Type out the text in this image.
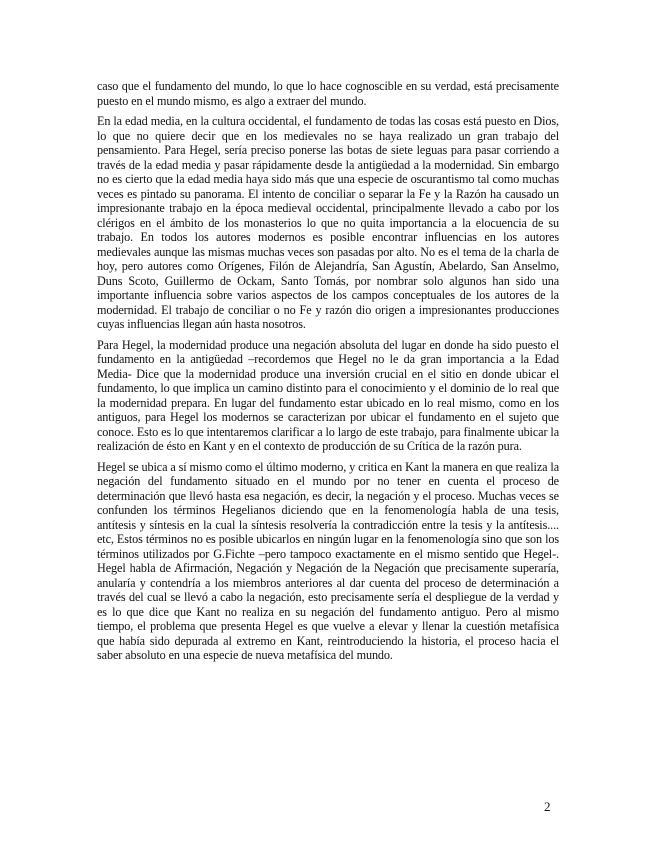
caso que el fundamento del mundo, lo que lo hace cognoscible en su verdad, está precisamente puesto en el mundo mismo, es algo a extraer del mundo.

En la edad media, en la cultura occidental, el fundamento de todas las cosas está puesto en Dios, lo que no quiere decir que en los medievales no se haya realizado un gran trabajo del pensamiento. Para Hegel, sería preciso ponerse las botas de siete leguas para pasar corriendo a través de la edad media y pasar rápidamente desde la antigüedad a la modernidad. Sin embargo no es cierto que la edad media haya sido más que una especie de oscurantismo tal como muchas veces es pintado su panorama. El intento de conciliar o separar la Fe y la Razón ha causado un impresionante trabajo en la época medieval occidental, principalmente llevado a cabo por los clérigos en el ámbito de los monasterios lo que no quita importancia a la elocuencia de su trabajo. En todos los autores modernos es posible encontrar influencias en los autores medievales aunque las mismas muchas veces son pasadas por alto. No es el tema de la charla de hoy, pero autores como Orígenes, Filón de Alejandría, San Agustín, Abelardo, San Anselmo, Duns Scoto, Guillermo de Ockam, Santo Tomás, por nombrar solo algunos han sido una importante influencia sobre varios aspectos de los campos conceptuales de los autores de la modernidad. El trabajo de conciliar o no Fe y razón dio origen a impresionantes producciones cuyas influencias llegan aún hasta nosotros.

Para Hegel, la modernidad produce una negación absoluta del lugar en donde ha sido puesto el fundamento en la antigüedad –recordemos que Hegel no le da gran importancia a la Edad Media- Dice que la modernidad produce una inversión crucial en el sitio en donde ubicar el fundamento, lo que implica un camino distinto para el conocimiento y el dominio de lo real que la modernidad prepara. En lugar del fundamento estar ubicado en lo real mismo, como en los antiguos, para Hegel los modernos se caracterizan por ubicar el fundamento en el sujeto que conoce. Esto es lo que intentaremos clarificar a lo largo de este trabajo, para finalmente ubicar la realización de ésto en Kant y en el contexto de producción de su Crítica de la razón pura.

Hegel se ubica a sí mismo como el último moderno, y critica en Kant la manera en que realiza la negación del fundamento situado en el mundo por no tener en cuenta el proceso de determinación que llevó hasta esa negación, es decir, la negación y el proceso. Muchas veces se confunden los términos Hegelianos diciendo que en la fenomenología habla de una tesis, antítesis y síntesis en la cual la síntesis resolvería la contradicción entre la tesis y la antítesis.... etc, Estos términos no es posible ubicarlos en ningún lugar en la fenomenología sino que son los términos utilizados por G.Fichte –pero tampoco exactamente en el mismo sentido que Hegel-. Hegel habla de Afirmación, Negación y Negación de la Negación que precisamente superaría, anularía y contendría a los miembros anteriores al dar cuenta del proceso de determinación a través del cual se llevó a cabo la negación, esto precisamente sería el despliegue de la verdad y es lo que dice que Kant no realiza en su negación del fundamento antiguo. Pero al mismo tiempo, el problema que presenta Hegel es que vuelve a elevar y llenar la cuestión metafísica que había sido depurada al extremo en Kant, reintroduciendo la historia, el proceso hacia el saber absoluto en una especie de nueva metafísica del mundo.

2
